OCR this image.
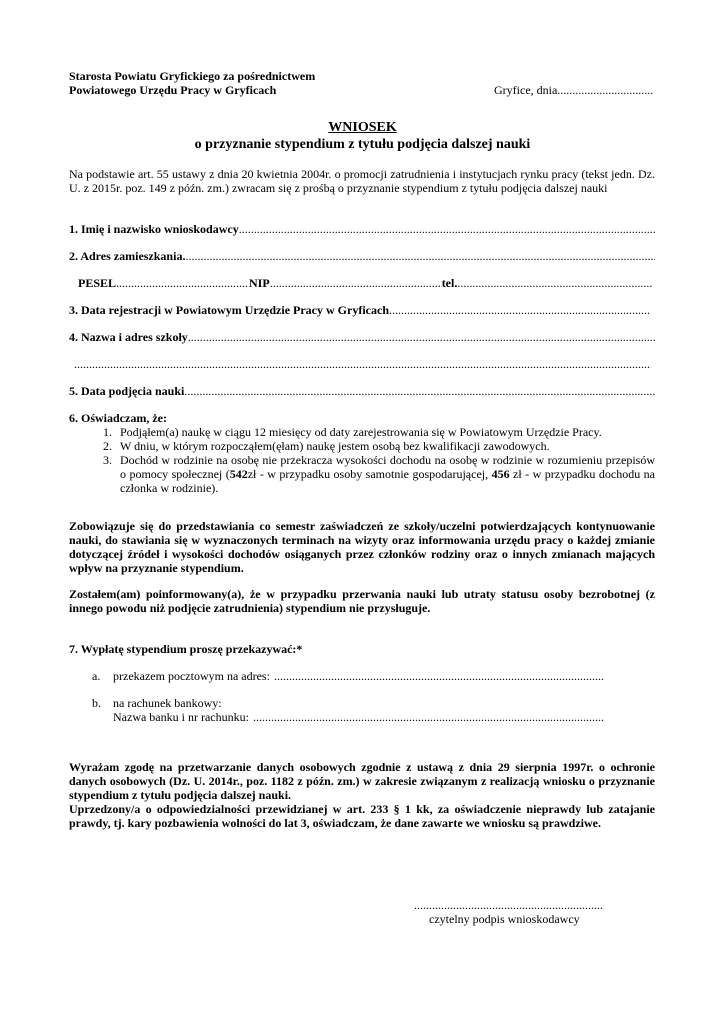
Starosta Powiatu Gryfickiego za pośrednictwem
Powiatowego Urzędu Pracy w Gryficach	Gryfice, dnia................................
WNIOSEK
o przyznanie stypendium z tytułu podjęcia dalszej nauki
Na podstawie art. 55 ustawy z dnia 20 kwietnia 2004r. o promocji zatrudnienia i instytucjach rynku pracy (tekst jedn. Dz. U. z 2015r. poz. 149 z późn. zm.) zwracam się z prośbą o przyznanie stypendium z tytułu podjęcia dalszej nauki
1. Imię i nazwisko wnioskodawcy
.....
2. Adres zamieszkania.
.....
PESEL .....	NIP .....	tel.
.....
3. Data rejestracji w Powiatowym Urzędzie Pracy w Gryficach
.....
4. Nazwa i adres szkoły
.....
.....
5. Data podjęcia nauki
.....
6. Oświadczam, że:
1. Podjąłem(a) naukę w ciągu 12 miesięcy od daty zarejestrowania się w Powiatowym Urzędzie Pracy.
2. W dniu, w którym rozpocząłem(ęłam) naukę jestem osobą bez kwalifikacji zawodowych.
3. Dochód w rodzinie na osobę nie przekracza wysokości dochodu na osobę w rodzinie w rozumieniu przepisów o pomocy społecznej (542zł - w przypadku osoby samotnie gospodarującej, 456 zł - w przypadku dochodu na członka w rodzinie).
Zobowiązuje się do przedstawiania co semestr zaświadczeń ze szkoły/uczelni potwierdzających kontynuowanie nauki, do stawiania się w wyznaczonych terminach na wizyty oraz informowania urzędu pracy o każdej zmianie dotyczącej źródeł i wysokości dochodów osiąganych przez członków rodziny oraz o innych zmianach mających wpływ na przyznanie stypendium.
Zostałem(am) poinformowany(a), że w przypadku przerwania nauki lub utraty statusu osoby bezrobotnej (z innego powodu niż podjęcie zatrudnienia) stypendium nie przysługuje.
7. Wypłatę stypendium proszę przekazywać:*
a.	przekazem pocztowym na adres:
.....
b. na rachunek bankowy:
Nazwa banku i nr rachunku:
.....
Wyrażam zgodę na przetwarzanie danych osobowych zgodnie z ustawą z dnia 29 sierpnia 1997r. o ochronie danych osobowych (Dz. U. 2014r., poz. 1182 z późn. zm.) w zakresie związanym z realizacją wniosku o przyznanie stypendium z tytułu podjęcia dalszej nauki.
Uprzedzony/a o odpowiedzialności przewidzianej w art. 233 § 1 kk, za oświadczenie nieprawdy lub zatajanie prawdy, tj. kary pozbawienia wolności do lat 3, oświadczam, że dane zawarte we wniosku są prawdziwe.
...............................................................
czytelny podpis wnioskodawcy
